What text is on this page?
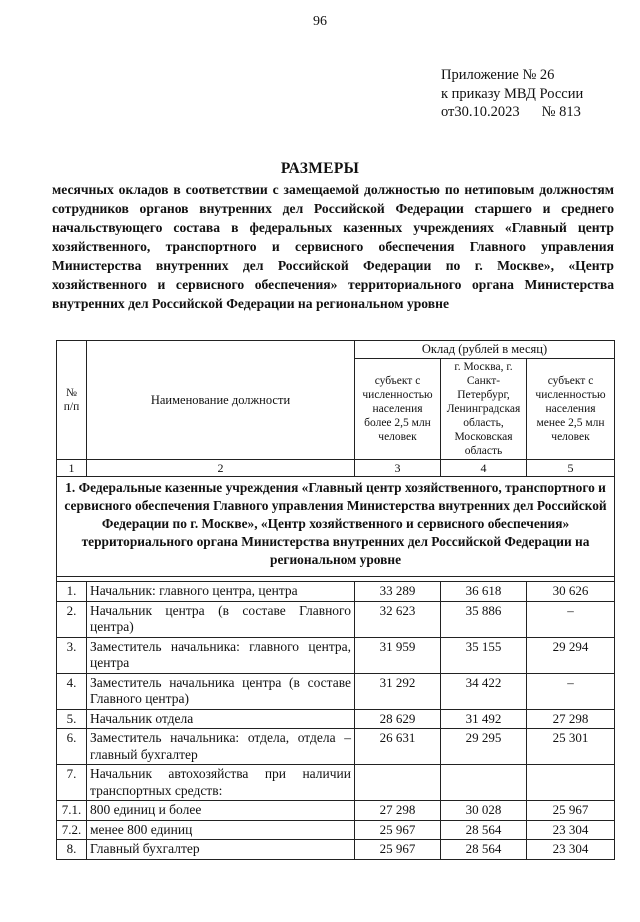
96
Приложение № 26
к приказу МВД России
от30.10.2023 № 813
РАЗМЕРЫ
месячных окладов в соответствии с замещаемой должностью по нетиповым должностям сотрудников органов внутренних дел Российской Федерации старшего и среднего начальствующего состава в федеральных казенных учреждениях «Главный центр хозяйственного, транспортного и сервисного обеспечения Главного управления Министерства внутренних дел Российской Федерации по г. Москве», «Центр хозяйственного и сервисного обеспечения» территориального органа Министерства внутренних дел Российской Федерации на региональном уровне
№ п/п	Наименование должности	Оклад (рублей в месяц)		
		субъект с численностью населения более 2,5 млн человек	г. Москва, г. Санкт-Петербург, Ленинградская область, Московская область	субъект с численностью населения менее 2,5 млн человек
1	2	3	4	5
1. Федеральные казенные учреждения «Главный центр хозяйственного, транспортного и сервисного обеспечения Главного управления Министерства внутренних дел Российской Федерации по г. Москве», «Центр хозяйственного и сервисного обеспечения» территориального органа Министерства внутренних дел Российской Федерации на региональном уровне				

1.	Начальник: главного центра, центра	33 289	36 618	30 626
2.	Начальник центра (в составе Главного центра)	32 623	35 886	–
3.	Заместитель начальника: главного центра, центра	31 959	35 155	29 294
4.	Заместитель начальника центра (в составе Главного центра)	31 292	34 422	–
5.	Начальник отдела	28 629	31 492	27 298
6.	Заместитель начальника: отдела, отдела – главный бухгалтер	26 631	29 295	25 301
7.	Начальник автохозяйства при наличии транспортных средств:			
7.1.	800 единиц и более	27 298	30 028	25 967
7.2.	менее 800 единиц	25 967	28 564	23 304
8.	Главный бухгалтер	25 967	28 564	23 304
